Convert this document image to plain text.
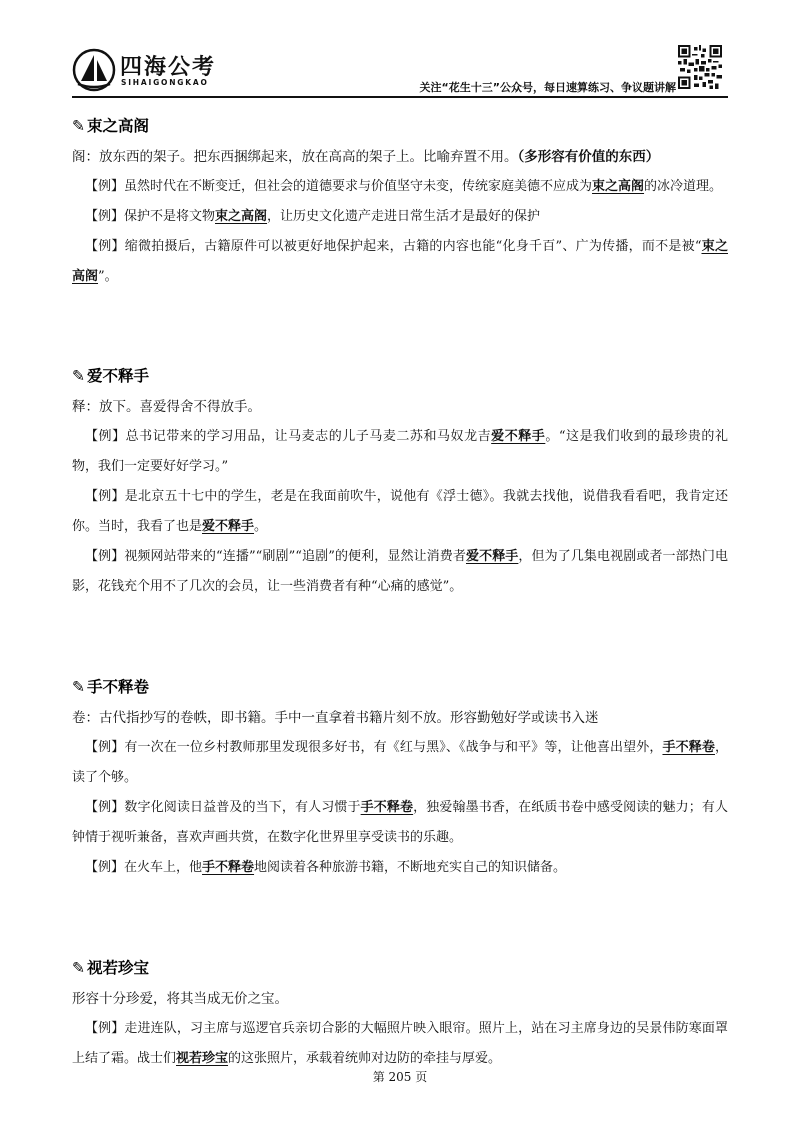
四海公考
SIHAIGONGKAO	关注“花生十三”公众号，每日速算练习、争议题讲解
✎ 束之高阁

阁：放东西的架子。把东西捆绑起来，放在高高的架子上。比喻弃置不用。（多形容有价值的东西）

【例】虽然时代在不断变迁，但社会的道德要求与价值坚守未变，传统家庭美德不应成为束之高阁的冰冷道理。

【例】保护不是将文物束之高阁，让历史文化遗产走进日常生活才是最好的保护

【例】缩微拍摄后，古籍原件可以被更好地保护起来，古籍的内容也能“化身千百”、广为传播，而不是被“束之高阁”。

✎ 爱不释手

释：放下。喜爱得舍不得放手。

【例】总书记带来的学习用品，让马麦志的儿子马麦二苏和马奴龙吉爱不释手。“这是我们收到的最珍贵的礼物，我们一定要好好学习。”

【例】是北京五十七中的学生，老是在我面前吹牛，说他有《浮士德》。我就去找他，说借我看看吧，我肯定还你。当时，我看了也是爱不释手。

【例】视频网站带来的“连播”“刷剧”“追剧”的便利，显然让消费者爱不释手，但为了几集电视剧或者一部热门电影，花钱充个用不了几次的会员，让一些消费者有种“心痛的感觉”。

✎ 手不释卷

卷：古代指抄写的卷帙，即书籍。手中一直拿着书籍片刻不放。形容勤勉好学或读书入迷

【例】有一次在一位乡村教师那里发现很多好书，有《红与黑》、《战争与和平》等，让他喜出望外，手不释卷，读了个够。

【例】数字化阅读日益普及的当下，有人习惯于手不释卷，独爱翰墨书香，在纸质书卷中感受阅读的魅力；有人钟情于视听兼备，喜欢声画共赏，在数字化世界里享受读书的乐趣。

【例】在火车上，他手不释卷地阅读着各种旅游书籍，不断地充实自己的知识储备。

✎ 视若珍宝

形容十分珍爱，将其当成无价之宝。

【例】走进连队，习主席与巡逻官兵亲切合影的大幅照片映入眼帘。照片上，站在习主席身边的吴景伟防寒面罩上结了霜。战士们视若珍宝的这张照片，承载着统帅对边防的牵挂与厚爱。

第 205 页
